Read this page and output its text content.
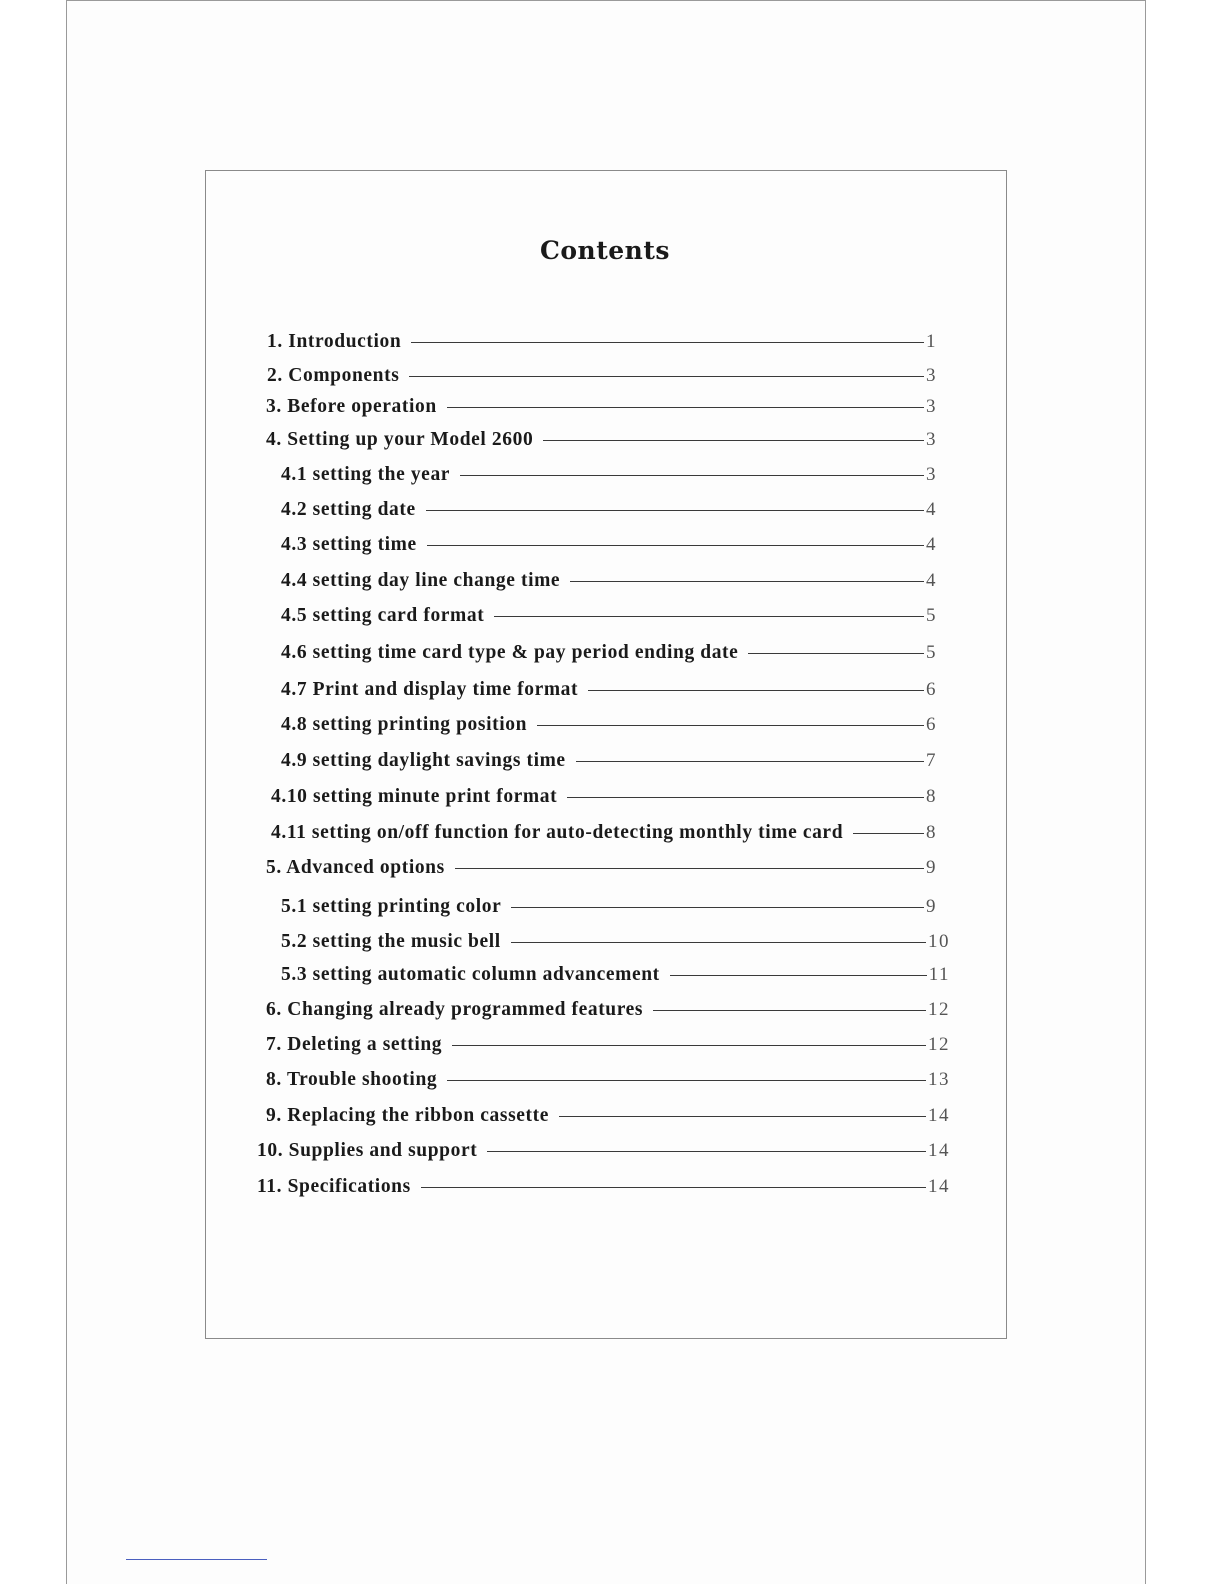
Contents
1. Introduction	1
2. Components	3
3. Before operation	3
4. Setting up your Model 2600	3
4.1 setting the year	3
4.2 setting date	4
4.3 setting time	4
4.4 setting day line change time	4
4.5 setting card format	5
4.6 setting time card type & pay period ending date	5
4.7 Print and display time format	6
4.8 setting printing position	6
4.9 setting daylight savings time	7
4.10 setting minute print format	8
4.11 setting on/off function for auto-detecting monthly time card	8
5. Advanced options	9
5.1 setting printing color	9
5.2 setting the music bell	10
5.3 setting automatic column advancement	11
6. Changing already programmed features	12
7. Deleting a setting	12
8. Trouble shooting	13
9. Replacing the ribbon cassette	14
10. Supplies and support	14
11. Specifications	14
